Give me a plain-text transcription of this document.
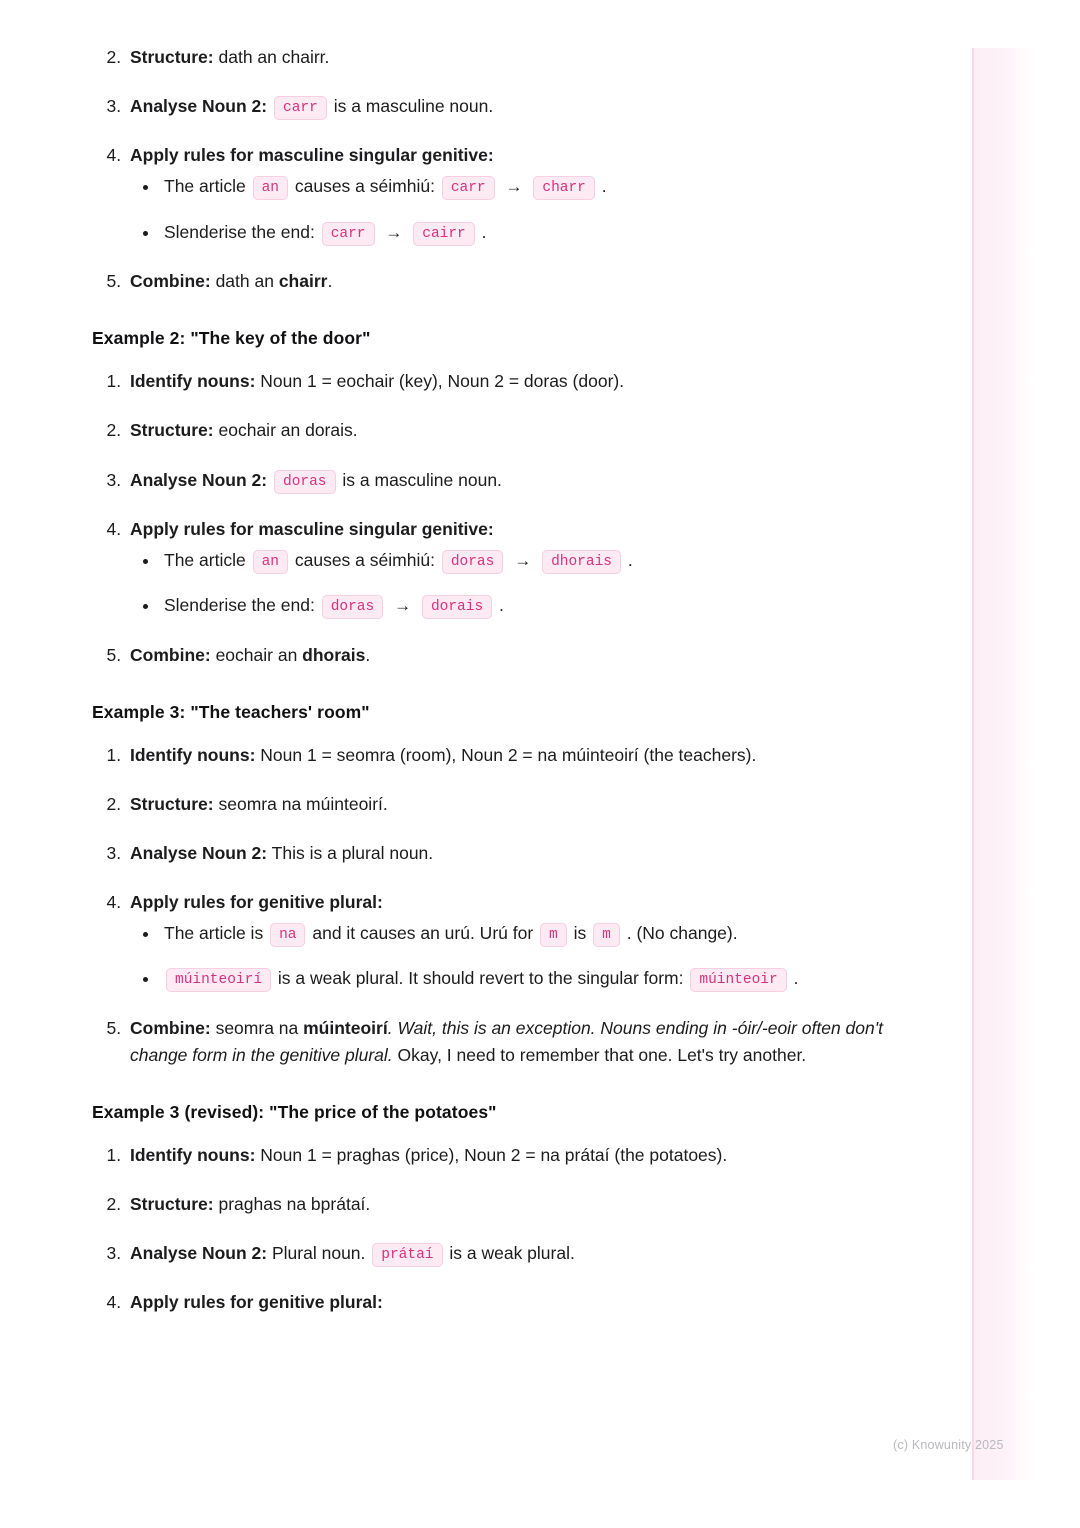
2. Structure: dath an chairr.
3. Analyse Noun 2: carr is a masculine noun.
4. Apply rules for masculine singular genitive:
• The article an causes a séimhiú: carr → charr .
• Slenderise the end: carr → cairr .
5. Combine: dath an chairr.
Example 2: "The key of the door"
1. Identify nouns: Noun 1 = eochair (key), Noun 2 = doras (door).
2. Structure: eochair an dorais.
3. Analyse Noun 2: doras is a masculine noun.
4. Apply rules for masculine singular genitive:
• The article an causes a séimhiú: doras → dhorais .
• Slenderise the end: doras → dorais .
5. Combine: eochair an dhorais.
Example 3: "The teachers' room"
1. Identify nouns: Noun 1 = seomra (room), Noun 2 = na múinteoirí (the teachers).
2. Structure: seomra na múinteoirí.
3. Analyse Noun 2: This is a plural noun.
4. Apply rules for genitive plural:
• The article is na and it causes an urú. Urú for m is m . (No change).
• múinteoirí is a weak plural. It should revert to the singular form: múinteoir .
5. Combine: seomra na múinteoirí. Wait, this is an exception. Nouns ending in -óir/-eoir often don't change form in the genitive plural. Okay, I need to remember that one. Let's try another.
Example 3 (revised): "The price of the potatoes"
1. Identify nouns: Noun 1 = praghas (price), Noun 2 = na prátaí (the potatoes).
2. Structure: praghas na bprátaí.
3. Analyse Noun 2: Plural noun. prátaí is a weak plural.
4. Apply rules for genitive plural:
(c) Knowunity 2025
